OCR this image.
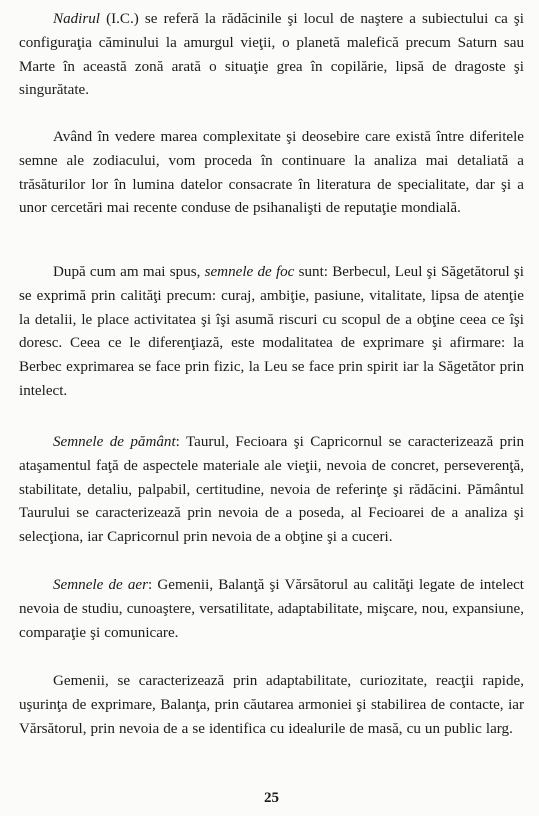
Nadirul (I.C.) se referă la rădăcinile şi locul de naştere a subiectului ca şi configuraţia căminului la amurgul vieţii, o planetă malefică precum Saturn sau Marte în această zonă arată o situaţie grea în copilărie, lipsă de dragoste şi singurătate.

Având în vedere marea complexitate şi deosebire care există între diferitele semne ale zodiacului, vom proceda în continuare la analiza mai detaliată a trăsăturilor lor în lumina datelor consacrate în literatura de specialitate, dar şi a unor cercetări mai recente conduse de psihanalişti de reputaţie mondială.

După cum am mai spus, semnele de foc sunt: Berbecul, Leul şi Săgetătorul şi se exprimă prin calităţi precum: curaj, ambiţie, pasiune, vitalitate, lipsa de atenţie la detalii, le place activitatea şi îşi asumă riscuri cu scopul de a obţine ceea ce îşi doresc. Ceea ce le diferenţiază, este modalitatea de exprimare şi afirmare: la Berbec exprimarea se face prin fizic, la Leu se face prin spirit iar la Săgetător prin intelect.

Semnele de pământ: Taurul, Fecioara şi Capricornul se caracterizează prin ataşamentul faţă de aspectele materiale ale vieţii, nevoia de concret, perseverenţă, stabilitate, detaliu, palpabil, certitudine, nevoia de referinţe şi rădăcini. Pământul Taurului se caracterizează prin nevoia de a poseda, al Fecioarei de a analiza şi selecţiona, iar Capricornul prin nevoia de a obţine şi a cuceri.

Semnele de aer: Gemenii, Balanţă şi Vărsătorul au calităţi legate de intelect nevoia de studiu, cunoaştere, versatilitate, adaptabilitate, mişcare, nou, expansiune, comparaţie şi comunicare.

Gemenii, se caracterizează prin adaptabilitate, curiozitate, reacţii rapide, uşurinţa de exprimare, Balanţa, prin căutarea armoniei şi stabilirea de contacte, iar Vărsătorul, prin nevoia de a se identifica cu idealurile de masă, cu un public larg.

25
